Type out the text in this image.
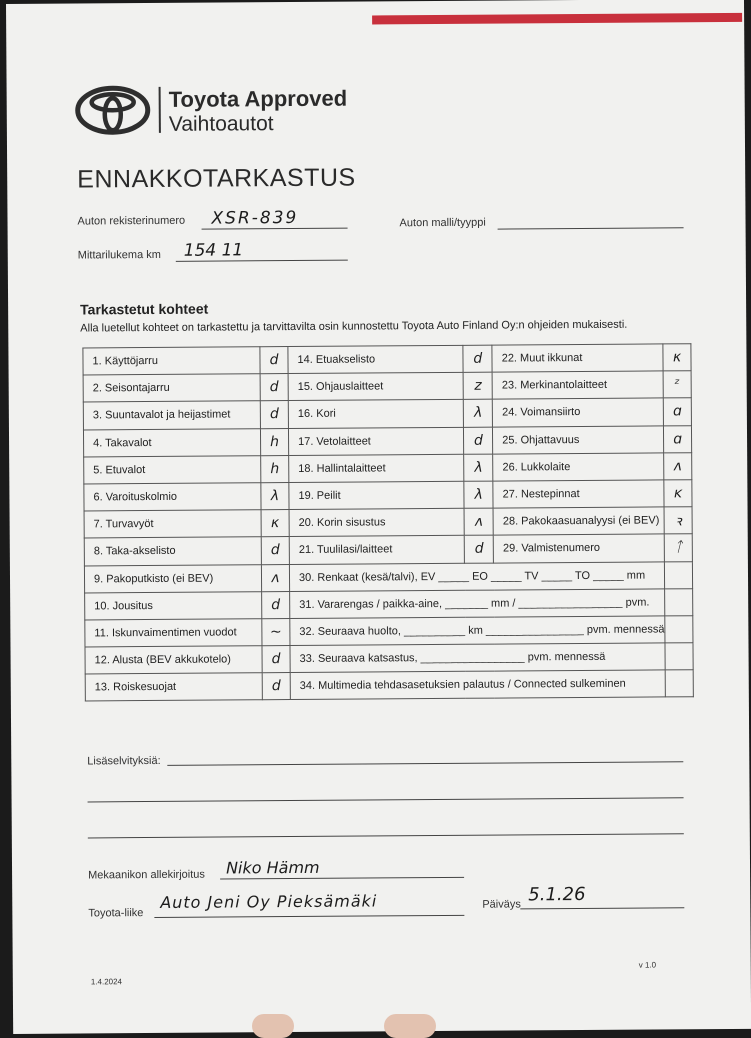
Toyota Approved
Vaihtoautot
ENNAKKOTARKASTUS
Auton rekisterinumero XSR-839	Auton malli/tyyppi
Mittarilukema km 154 11
Tarkastetut kohteet
Alla luetellut kohteet on tarkastettu ja tarvittavilta osin kunnostettu Toyota Auto Finland Oy:n ohjeiden mukaisesti.
1. Käyttöjarru	d	14. Etuakselisto	d	22. Muut ikkunat	κ
2. Seisontajarru	d	15. Ohjauslaitteet	z	23. Merkinantolaitteet	ᶻ
3. Suuntavalot ja heijastimet	d	16. Kori	λ	24. Voimansiirto	ɑ
4. Takavalot	h	17. Vetolaitteet	d	25. Ohjattavuus	ɑ
5. Etuvalot	h	18. Hallintalaitteet	λ	26. Lukkolaite	ʌ
6. Varoituskolmio	λ	19. Peilit	λ	27. Nestepinnat	ᴋ
7. Turvavyöt	κ	20. Korin sisustus	ʌ	28. Pakokaasuanalyysi (ei BEV)	ꝛ
8. Taka-akselisto	d	21. Tuulilasi/laitteet	d	29. Valmistenumero	ᛏ
9. Pakoputkisto (ei BEV)	ʌ	30. Renkaat (kesä/talvi), EV _____ EO _____ TV _____ TO _____ mm			
10. Jousitus	d	31. Vararengas / paikka-aine, _______ mm / _________________ pvm.			
11. Iskunvaimentimen vuodot	~	32. Seuraava huolto, __________ km ________________ pvm. mennessä			
12. Alusta (BEV akkukotelo)	d	33. Seuraava katsastus, _________________ pvm. mennessä			
13. Roiskesuojat	d	34. Multimedia tehdasasetuksien palautus / Connected sulkeminen			
Lisäselvityksiä:
Mekaanikon allekirjoitus Niko Hämm
Toyota-liike
Auto Jeni Oy Pieksämäki	Päiväys 5.1.26
1.4.2024
v 1.0
